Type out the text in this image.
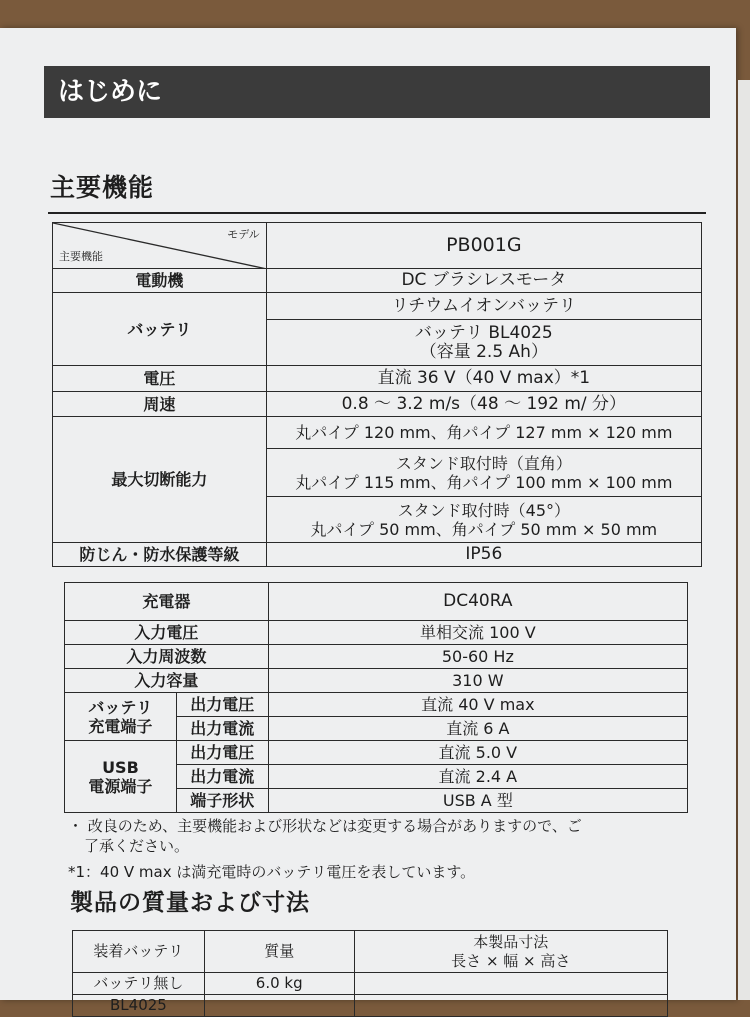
はじめに
主要機能
モデル
主要機能	PB001G
電動機	DC ブラシレスモータ
バッテリ	リチウムイオンバッテリ

	バッテリ BL4025
（容量 2.5 Ah）

電圧	直流 36 V（40 V max）*1
周速	0.8 ～ 3.2 m/s（48 ～ 192 m/ 分）
最大切断能力	丸パイプ 120 mm、角パイプ 127 mm × 120 mm

	スタンド取付時（直角）
丸パイプ 115 mm、角パイプ 100 mm × 100 mm

	スタンド取付時（45°）
丸パイプ 50 mm、角パイプ 50 mm × 50 mm

防じん・防水保護等級	IP56
充電器		DC40RA
入力電圧		単相交流 100 V
入力周波数		50-60 Hz
入力容量		310 W

バッテリ
充電端子	出力電圧	直流 40 V max
	出力電流	直流 6 A

USB
電源端子	出力電圧	直流 5.0 V
	出力電流	直流 2.4 A
	端子形状	USB A 型
・ 改良のため、主要機能および形状などは変更する場合がありますので、ご
了承ください。
*1：40 V max は満充電時のバッテリ電圧を表しています。
製品の質量および寸法
装着バッテリ	質量	本製品寸法
長さ × 幅 × 高さ

バッテリ無し	6.0 kg	
BL4025		
